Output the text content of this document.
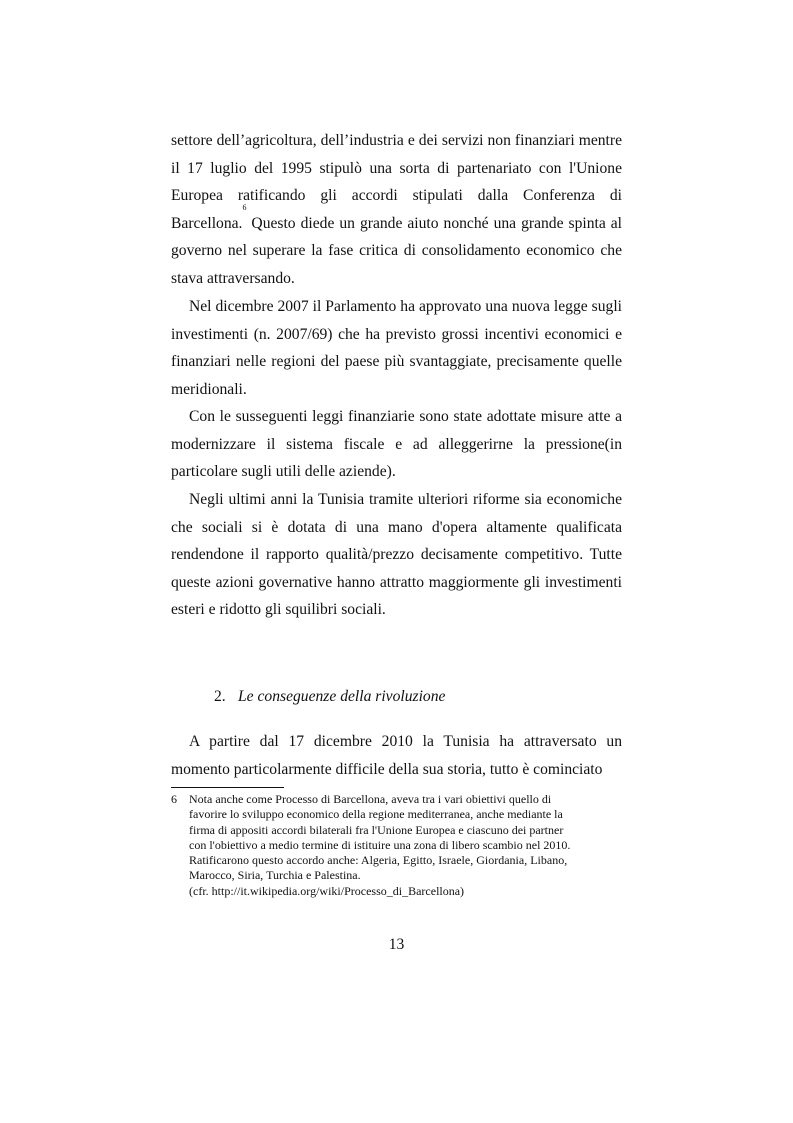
settore dell’agricoltura, dell’industria e dei servizi non finanziari mentre il 17 luglio del 1995 stipulò una sorta di partenariato con l'Unione Europea ratificando gli accordi stipulati dalla Conferenza di Barcellona.$^6$ Questo diede un grande aiuto nonché una grande spinta al governo nel superare la fase critica di consolidamento economico che stava attraversando.

Nel dicembre 2007 il Parlamento ha approvato una nuova legge sugli investimenti (n. 2007/69) che ha previsto grossi incentivi economici e finanziari nelle regioni del paese più svantaggiate, precisamente quelle meridionali.

Con le susseguenti leggi finanziarie sono state adottate misure atte a modernizzare il sistema fiscale e ad alleggerirne la pressione(in particolare sugli utili delle aziende).

Negli ultimi anni la Tunisia tramite ulteriori riforme sia economiche che sociali si è dotata di una mano d'opera altamente qualificata rendendone il rapporto qualità/prezzo decisamente competitivo. Tutte queste azioni governative hanno attratto maggiormente gli investimenti esteri e ridotto gli squilibri sociali.

2. Le conseguenze della rivoluzione

A partire dal 17 dicembre 2010 la Tunisia ha attraversato un momento particolarmente difficile della sua storia, tutto è cominciato

6 Nota anche come Processo di Barcellona, aveva tra i vari obiettivi quello di
favorire lo sviluppo economico della regione mediterranea, anche mediante la
firma di appositi accordi bilaterali fra l'Unione Europea e ciascuno dei partner
con l'obiettivo a medio termine di istituire una zona di libero scambio nel 2010.
Ratificarono questo accordo anche: Algeria, Egitto, Israele, Giordania, Libano,
Marocco, Siria, Turchia e Palestina.
(cfr. http://it.wikipedia.org/wiki/Processo_di_Barcellona)
13
